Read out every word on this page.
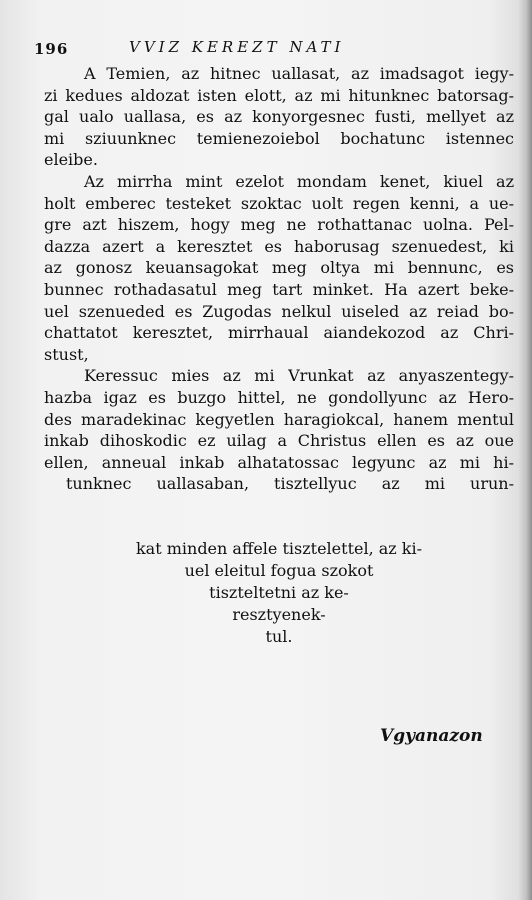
196	VVIZ KEREZT NATI
A Temien, az hitnec uallasat, az imadsagot iegy-
zi kedues aldozat isten elott, az mi hitunknec batorsag-
gal ualo uallasa, es az konyorgesnec fusti, mellyet az
mi sziuunknec temienezoiebol bochatunc istennec
eleibe.
Az mirrha mint ezelot mondam kenet, kiuel az
holt emberec testeket szoktac uolt regen kenni, a ue-
gre azt hiszem, hogy meg ne rothattanac uolna. Pel-
dazza azert a keresztet es haborusag szenuedest, ki
az gonosz keuansagokat meg oltya mi bennunc, es
bunnec rothadasatul meg tart minket. Ha azert beke-
uel szenueded es Zugodas nelkul uiseled az reiad bo-
chattatot keresztet, mirrhaual aiandekozod az Chri-
stust,
Keressuc mies az mi Vrunkat az anyaszentegy-
hazba igaz es buzgo hittel, ne gondollyunc az Hero-
des maradekinac kegyetlen haragiokcal, hanem mentul
inkab dihoskodic ez uilag a Christus ellen es az oue
ellen, anneual inkab alhatatossac legyunc az mi hi-
tunknec uallasaban, tisztellyuc az mi urun-
kat minden affele tisztelettel, az ki-
uel eleitul fogua szokot
tiszteltetni az ke-
resztyenek-
tul.
Vgyanazon
